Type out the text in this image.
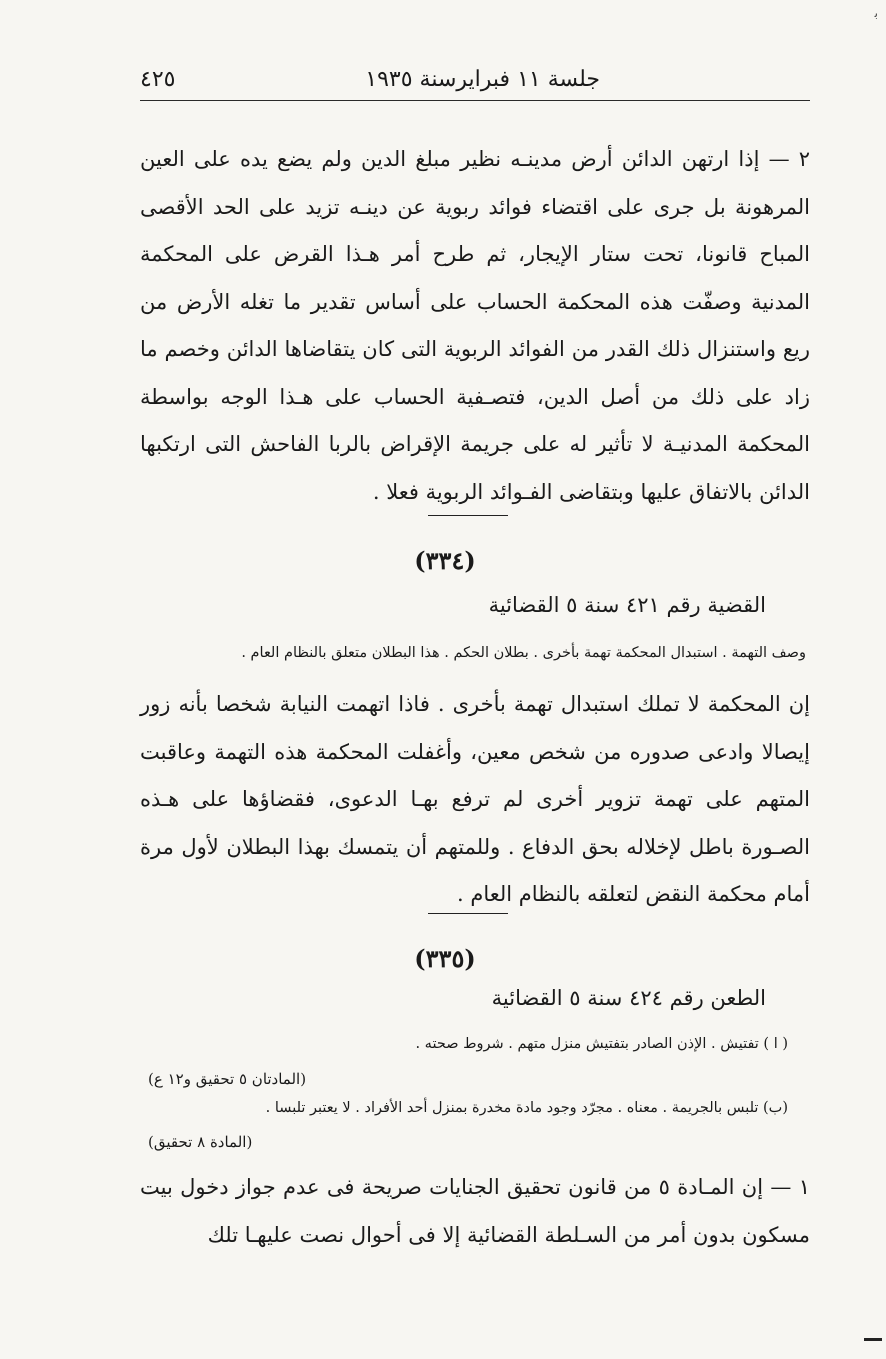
ﺑ
جلسة ١١ فبرايرسنة ١٩٣٥
٤٢٥

٢ — إذا ارتهن الدائن أرض مدينـه نظير مبلغ الدين ولم يضع يده على العين المرهونة بل جرى على اقتضاء فوائد ربوية عن دينـه تزيد على الحد الأقصى المباح قانونا، تحت ستار الإيجار، ثم طرح أمر هـذا القرض على المحكمة المدنية وصفّت هذه المحكمة الحساب على أساس تقدير ما تغله الأرض من ريع واستنزال ذلك القدر من الفوائد الربوية التى كان يتقاضاها الدائن وخصم ما زاد على ذلك من أصل الدين، فتصـفية الحساب على هـذا الوجه بواسطة المحكمة المدنيـة لا تأثير له على جريمة الإقراض بالربا الفاحش التى ارتكبها الدائن بالاتفاق عليها وبتقاضى الفـوائد الربوية فعلا .

(٣٣٤)

القضية رقم ٤٢١ سنة ٥ القضائية

وصف التهمة . استبدال المحكمة تهمة بأخرى . بطلان الحكم . هذا البطلان متعلق بالنظام العام .

إن المحكمة لا تملك استبدال تهمة بأخرى . فاذا اتهمت النيابة شخصا بأنه زور إيصالا وادعى صدوره من شخص معين، وأغفلت المحكمة هذه التهمة وعاقبت المتهم على تهمة تزوير أخرى لم ترفع بهـا الدعوى، فقضاؤها على هـذه الصـورة باطل لإخلاله بحق الدفاع . وللمتهم أن يتمسك بهذا البطلان لأول مرة أمام محكمة النقض لتعلقه بالنظام العام .

(٣٣٥)

الطعن رقم ٤٢٤ سنة ٥ القضائية

( ا ) تفتيش . الإذن الصادر بتفتيش منزل متهم . شروط صحته .

(المادتان ٥ تحقيق و١٢ ع)

(ب) تلبس بالجريمة . معناه . مجرّد وجود مادة مخدرة بمنزل أحد الأفراد . لا يعتبر تلبسا .

(المادة ٨ تحقيق)

١ — إن المـادة ٥ من قانون تحقيق الجنايات صريحة فى عدم جواز دخول بيت مسكون بدون أمر من السـلطة القضائية إلا فى أحوال نصت عليهـا تلك
